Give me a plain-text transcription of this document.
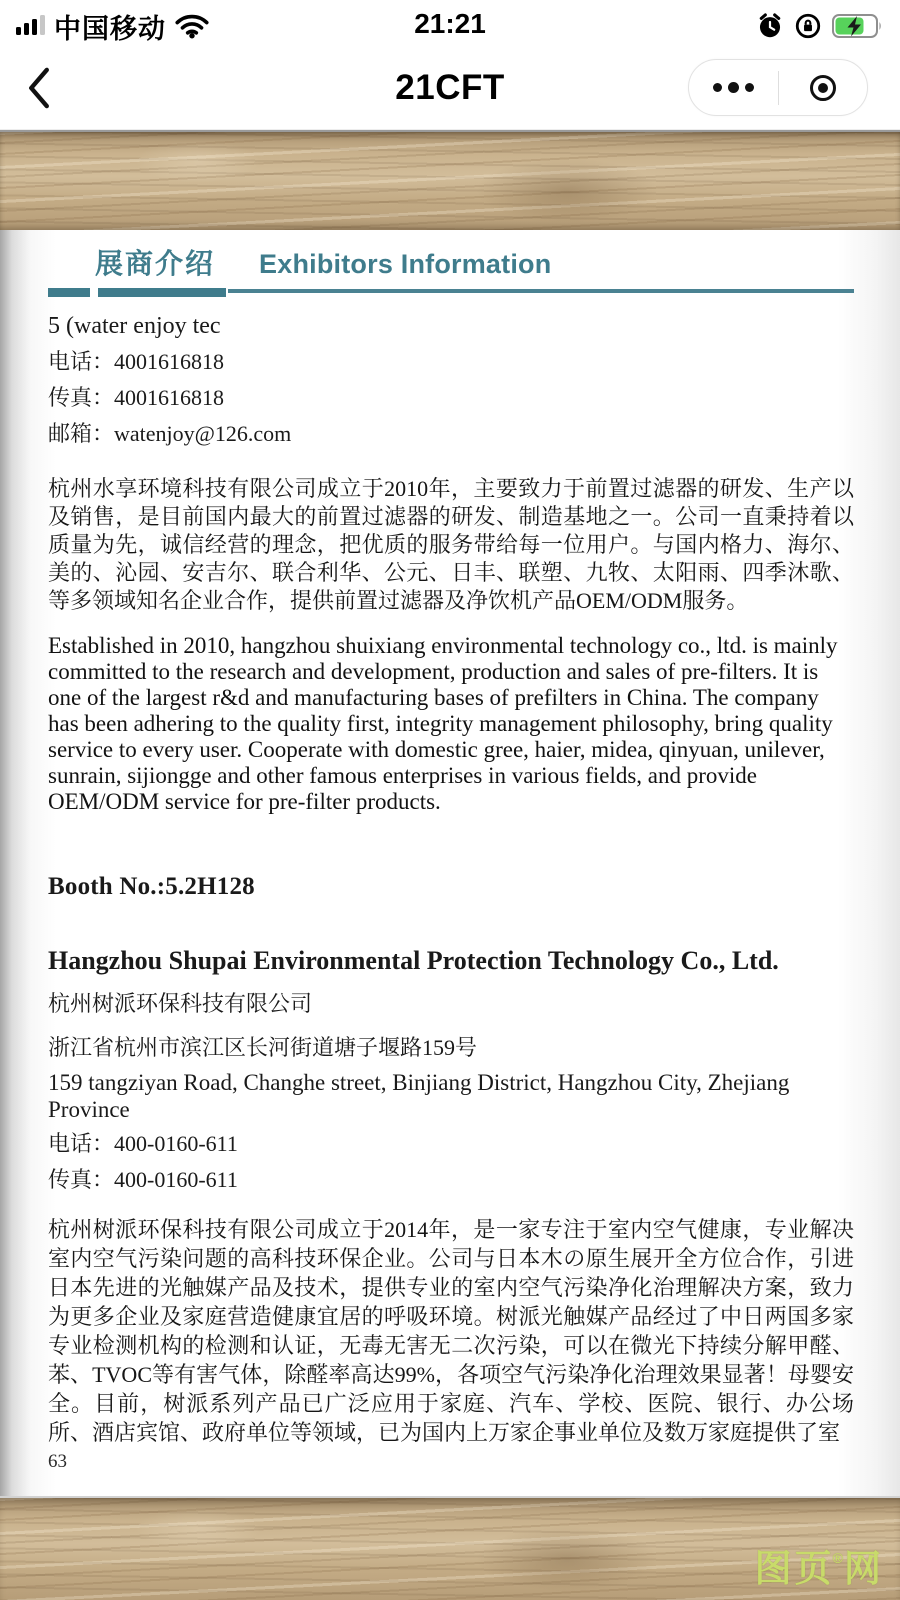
中国移动	21:21
21CFT
展商介绍 Exhibitors Information
5 (water enjoy tec
电话：4001616818
传真：4001616818
邮箱：watenjoy@126.com
杭州水享环境科技有限公司成立于2010年，主要致力于前置过滤器的研发、生产以及销售，是目前国内最大的前置过滤器的研发、制造基地之一。公司一直秉持着以质量为先，诚信经营的理念，把优质的服务带给每一位用户。与国内格力、海尔、美的、沁园、安吉尔、联合利华、公元、日丰、联塑、九牧、太阳雨、四季沐歌、等多领域知名企业合作，提供前置过滤器及净饮机产品OEM/ODM服务。
Established in 2010, hangzhou shuixiang environmental technology co., ltd. is mainly committed to the research and development, production and sales of pre-filters. It is one of the largest r&d and manufacturing bases of prefilters in China. The company has been adhering to the quality first, integrity management philosophy, bring quality service to every user. Cooperate with domestic gree, haier, midea, qinyuan, unilever, sunrain, sijiongge and other famous enterprises in various fields, and provide OEM/ODM service for pre-filter products.
Booth No.:5.2H128
Hangzhou Shupai Environmental Protection Technology Co., Ltd.
杭州树派环保科技有限公司
浙江省杭州市滨江区长河街道塘子堰路159号
159 tangziyan Road, Changhe street, Binjiang District, Hangzhou City, Zhejiang Province
电话：400-0160-611
传真：400-0160-611
杭州树派环保科技有限公司成立于2014年，是一家专注于室内空气健康，专业解决室内空气污染问题的高科技环保企业。公司与日本木の原生展开全方位合作，引进日本先进的光触媒产品及技术，提供专业的室内空气污染净化治理解决方案，致力为更多企业及家庭营造健康宜居的呼吸环境。树派光触媒产品经过了中日两国多家专业检测机构的检测和认证，无毒无害无二次污染，可以在微光下持续分解甲醛、苯、TVOC等有害气体，除醛率高达99%，各项空气污染净化治理效果显著！母婴安全。目前，树派系列产品已广泛应用于家庭、汽车、学校、医院、银行、办公场所、酒店宾馆、政府单位等领域，已为国内上万家企事业单位及数万家庭提供了室
63
图页®网
